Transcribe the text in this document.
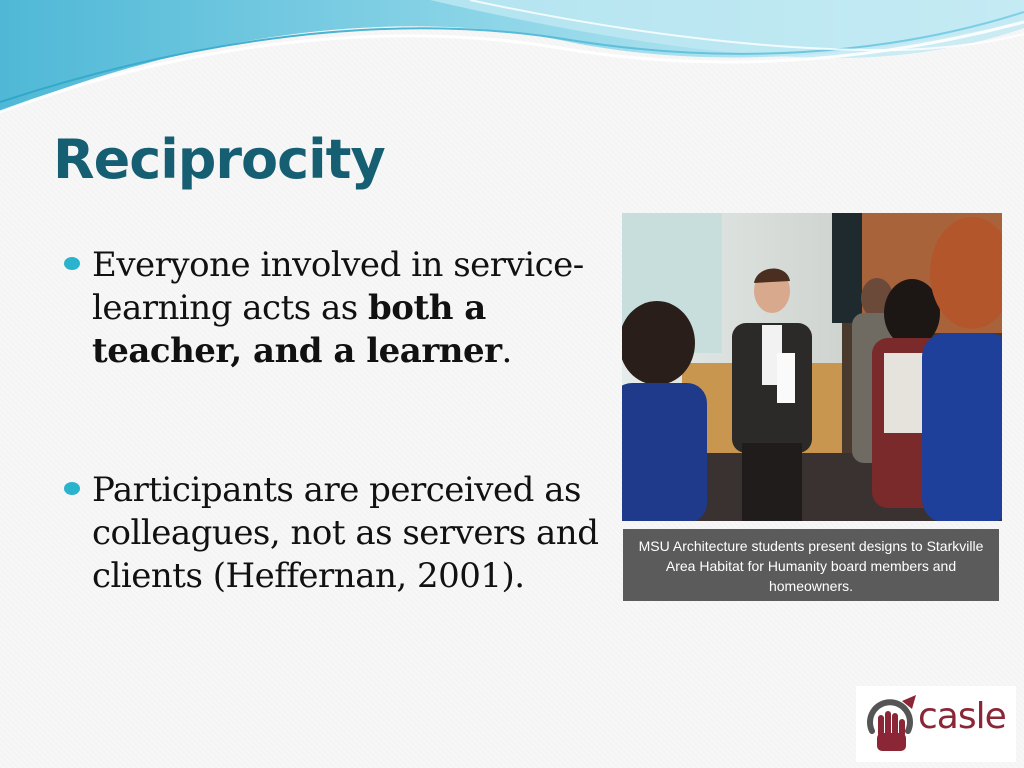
Reciprocity
Everyone involved in service-learning acts as both a teacher, and a learner.
Participants are perceived as colleagues, not as servers and clients (Heffernan, 2001).
MSU Architecture students present designs to Starkville Area Habitat for Humanity board members and homeowners.
casle
